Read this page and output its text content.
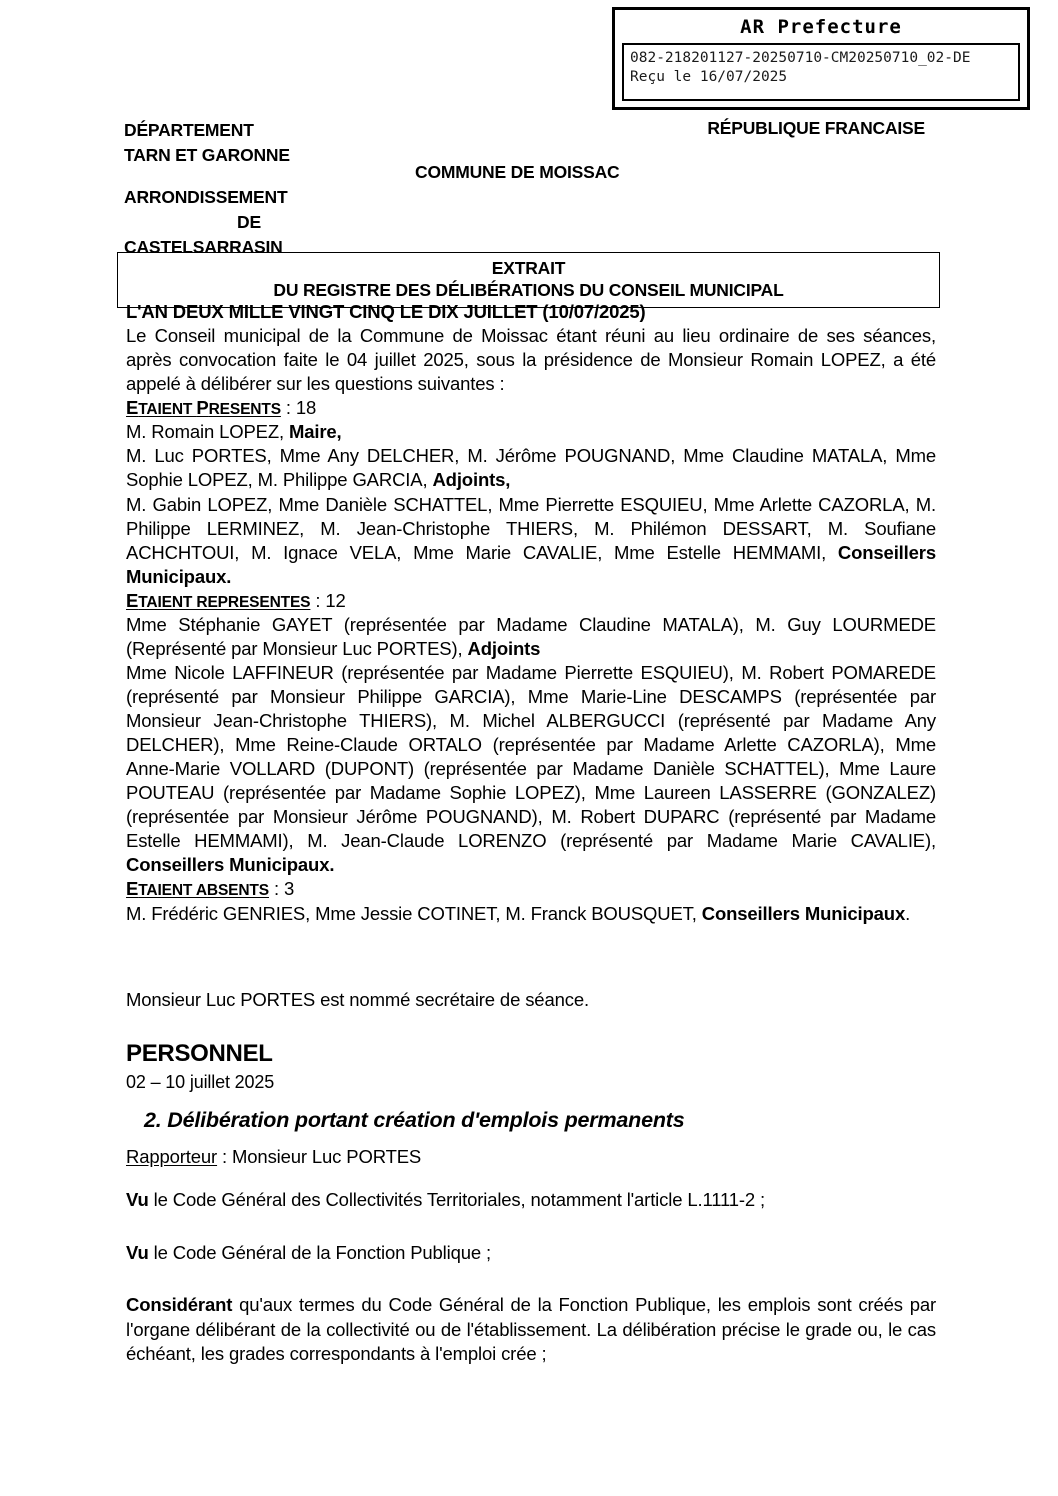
AR Prefecture
082-218201127-20250710-CM20250710_02-DE
Reçu le 16/07/2025
DÉPARTEMENT
TARN ET GARONNE
ARRONDISSEMENT
DE
CASTELSARRASIN
RÉPUBLIQUE FRANCAISE
COMMUNE DE MOISSAC
EXTRAIT
DU REGISTRE DES DÉLIBÉRATIONS DU CONSEIL MUNICIPAL

L'AN DEUX MILLE VINGT CINQ LE DIX JUILLET (10/07/2025)

Le Conseil municipal de la Commune de Moissac étant réuni au lieu ordinaire de ses séances, après convocation faite le 04 juillet 2025, sous la présidence de Monsieur Romain LOPEZ, a été appelé à délibérer sur les questions suivantes :

ETAIENT PRESENTS : 18

M. Romain LOPEZ, Maire,

M. Luc PORTES, Mme Any DELCHER, M. Jérôme POUGNAND, Mme Claudine MATALA, Mme Sophie LOPEZ, M. Philippe GARCIA, Adjoints,

M. Gabin LOPEZ, Mme Danièle SCHATTEL, Mme Pierrette ESQUIEU, Mme Arlette CAZORLA, M. Philippe LERMINEZ, M. Jean-Christophe THIERS, M. Philémon DESSART, M. Soufiane ACHCHTOUI, M. Ignace VELA, Mme Marie CAVALIE, Mme Estelle HEMMAMI, Conseillers Municipaux.

ETAIENT REPRESENTES : 12

Mme Stéphanie GAYET (représentée par Madame Claudine MATALA), M. Guy LOURMEDE (Représenté par Monsieur Luc PORTES), Adjoints

Mme Nicole LAFFINEUR (représentée par Madame Pierrette ESQUIEU), M. Robert POMAREDE (représenté par Monsieur Philippe GARCIA), Mme Marie-Line DESCAMPS (représentée par Monsieur Jean-Christophe THIERS), M. Michel ALBERGUCCI (représenté par Madame Any DELCHER), Mme Reine-Claude ORTALO (représentée par Madame Arlette CAZORLA), Mme Anne-Marie VOLLARD (DUPONT) (représentée par Madame Danièle SCHATTEL), Mme Laure POUTEAU (représentée par Madame Sophie LOPEZ), Mme Laureen LASSERRE (GONZALEZ) (représentée par Monsieur Jérôme POUGNAND), M. Robert DUPARC (représenté par Madame Estelle HEMMAMI), M. Jean-Claude LORENZO (représenté par Madame Marie CAVALIE), Conseillers Municipaux.

ETAIENT ABSENTS : 3

M. Frédéric GENRIES, Mme Jessie COTINET, M. Franck BOUSQUET, Conseillers Municipaux.

Monsieur Luc PORTES est nommé secrétaire de séance.

PERSONNEL
02 – 10 juillet 2025
2. Délibération portant création d'emplois permanents
Rapporteur : Monsieur Luc PORTES

Vu le Code Général des Collectivités Territoriales, notamment l'article L.1111-2 ;

Vu le Code Général de la Fonction Publique ;

Considérant qu'aux termes du Code Général de la Fonction Publique, les emplois sont créés par l'organe délibérant de la collectivité ou de l'établissement. La délibération précise le grade ou, le cas échéant, les grades correspondants à l'emploi crée ;
